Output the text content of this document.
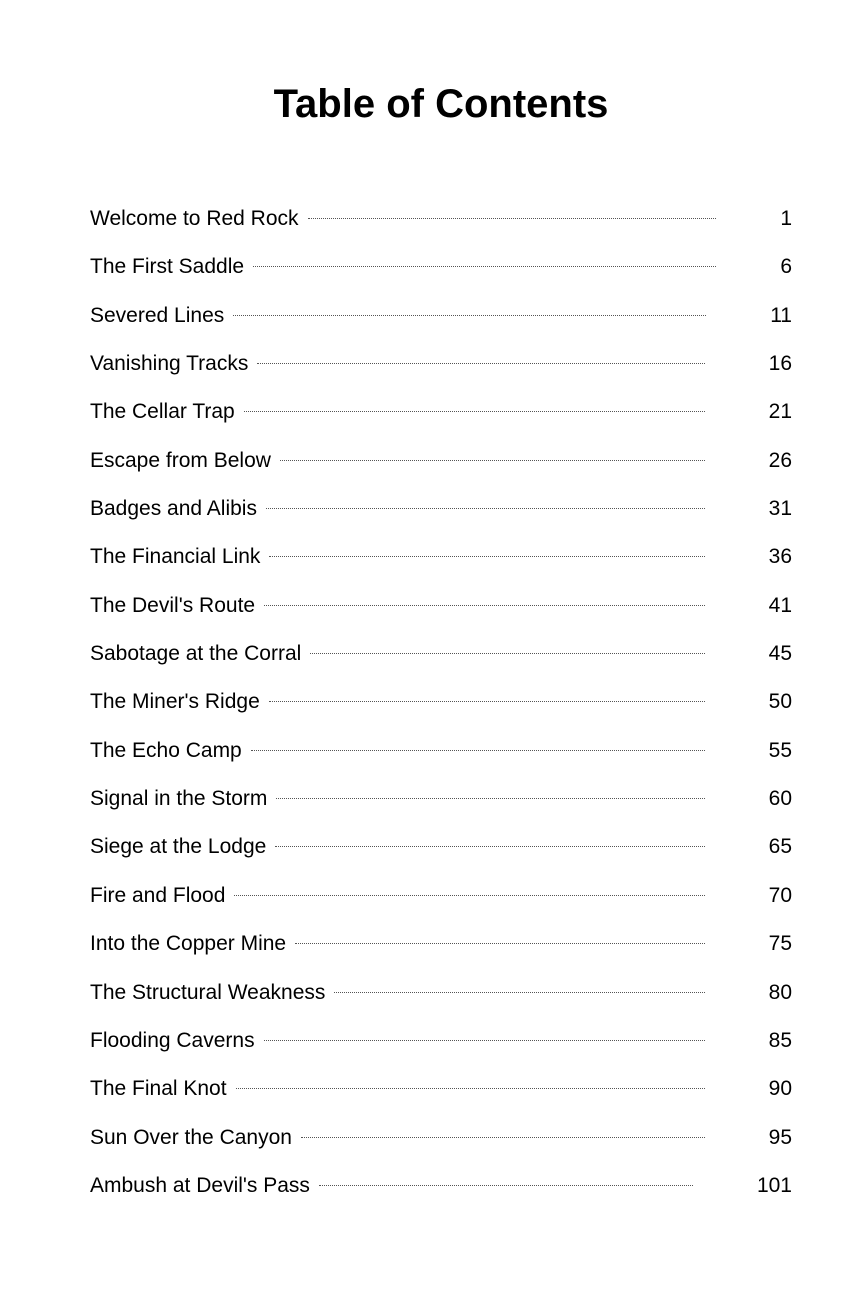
Table of Contents
Welcome to Red Rock	1
The First Saddle	6
Severed Lines	11
Vanishing Tracks	16
The Cellar Trap	21
Escape from Below	26
Badges and Alibis	31
The Financial Link	36
The Devil's Route	41
Sabotage at the Corral	45
The Miner's Ridge	50
The Echo Camp	55
Signal in the Storm	60
Siege at the Lodge	65
Fire and Flood	70
Into the Copper Mine	75
The Structural Weakness	80
Flooding Caverns	85
The Final Knot	90
Sun Over the Canyon	95
Ambush at Devil's Pass	101
